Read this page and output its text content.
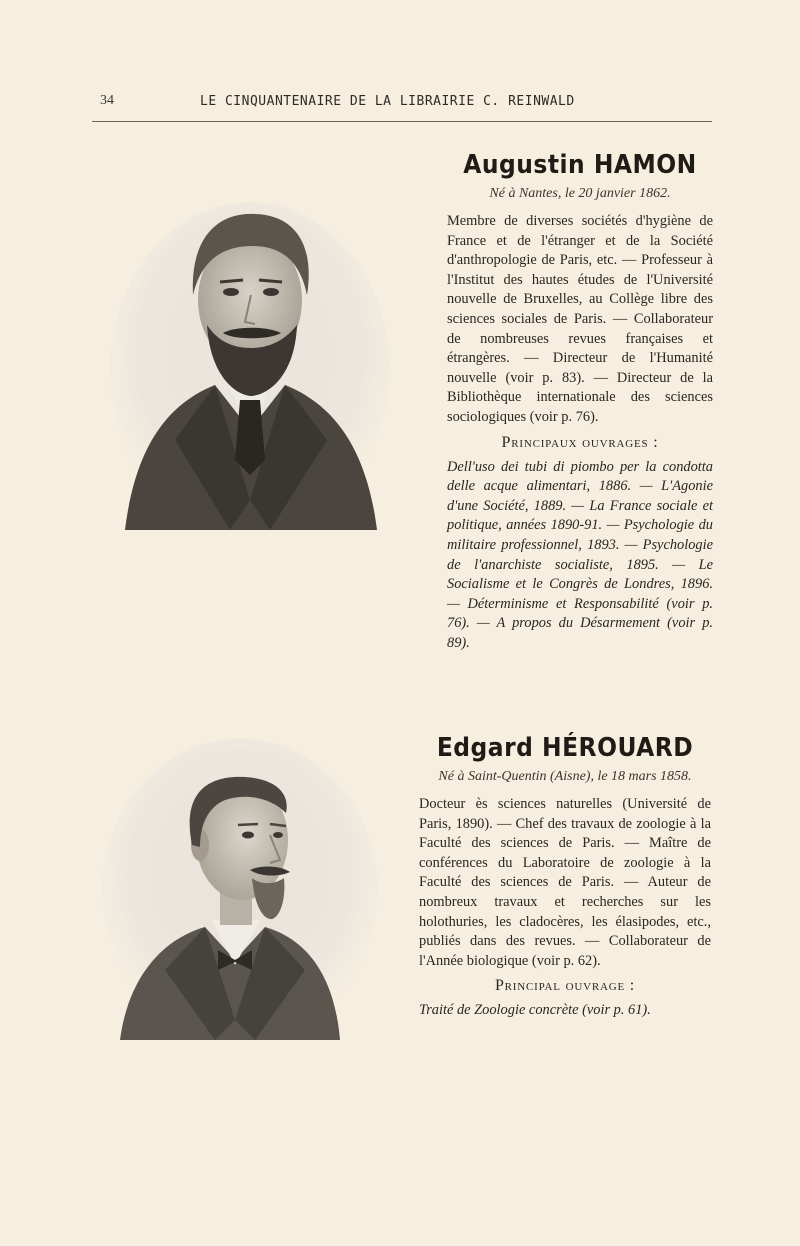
34	LE CINQUANTENAIRE DE LA LIBRAIRIE C. REINWALD
Augustin HAMON
Né à Nantes, le 20 janvier 1862.

Membre de diverses sociétés d'hygiène de France et de l'étranger et de la Société d'anthropologie de Paris, etc. — Professeur à l'Institut des hautes études de l'Université nouvelle de Bruxelles, au Collège libre des sciences sociales de Paris. — Collaborateur de nombreuses revues françaises et étrangères. — Directeur de l'Humanité nouvelle (voir p. 83). — Directeur de la Bibliothèque internationale des sciences sociologiques (voir p. 76).

Principaux ouvrages :

Dell'uso dei tubi di piombo per la condotta delle acque alimentari, 1886. — L'Agonie d'une Société, 1889. — La France sociale et politique, années 1890-91. — Psychologie du militaire professionnel, 1893. — Psychologie de l'anarchiste socialiste, 1895. — Le Socialisme et le Congrès de Londres, 1896. — Déterminisme et Responsabilité (voir p. 76). — A propos du Désarmement (voir p. 89).

Edgard HÉROUARD
Né à Saint-Quentin (Aisne), le 18 mars 1858.

Docteur ès sciences naturelles (Université de Paris, 1890). — Chef des travaux de zoologie à la Faculté des sciences de Paris. — Maître de conférences du Laboratoire de zoologie à la Faculté des sciences de Paris. — Auteur de nombreux travaux et recherches sur les holothuries, les cladocères, les élasipodes, etc., publiés dans des revues. — Collaborateur de l'Année biologique (voir p. 62).

Principal ouvrage :

Traité de Zoologie concrète (voir p. 61).
